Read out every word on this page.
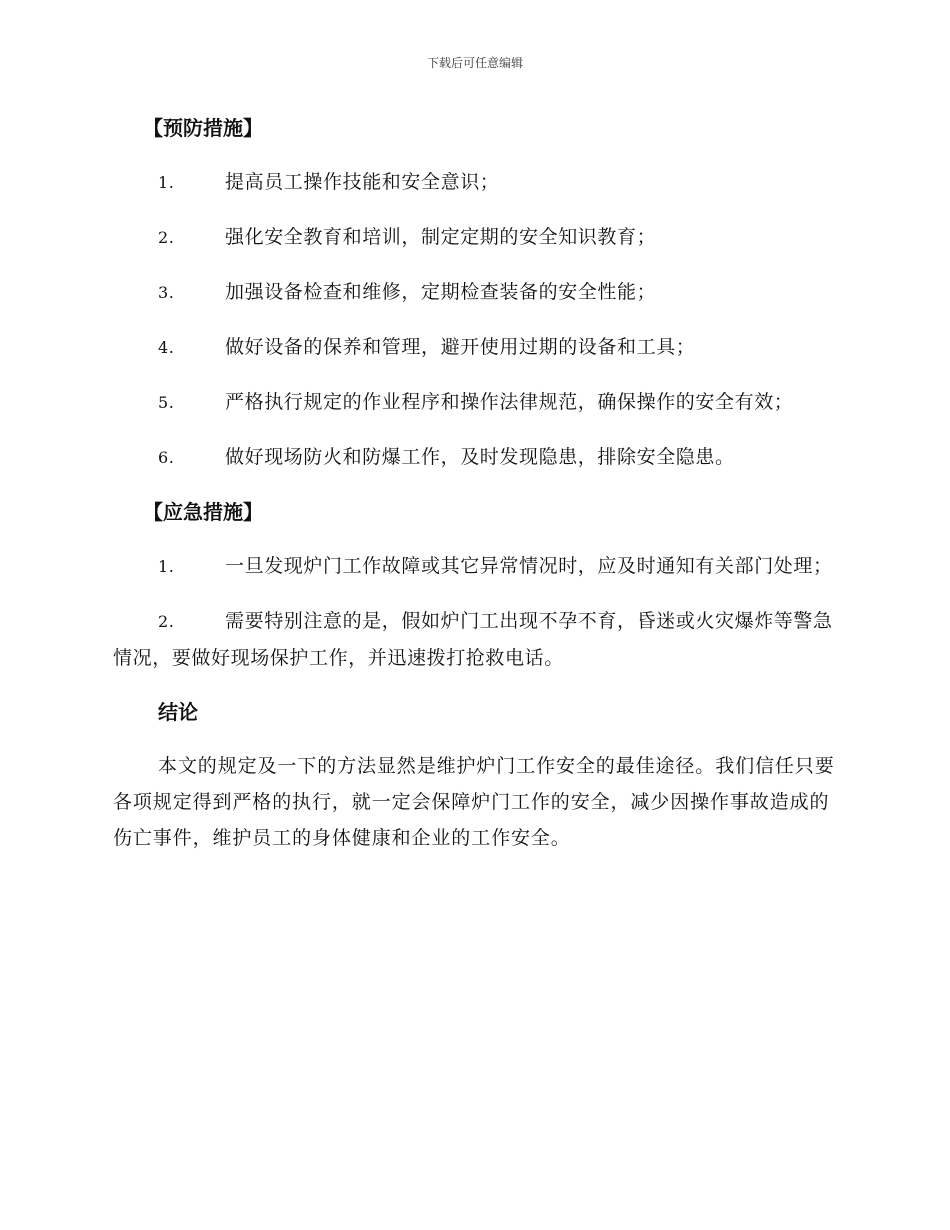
下载后可任意编辑
【预防措施】
1.	提高员工操作技能和安全意识；
2.	强化安全教育和培训，制定定期的安全知识教育；
3.	加强设备检查和维修，定期检查装备的安全性能；
4.	做好设备的保养和管理，避开使用过期的设备和工具；
5.	严格执行规定的作业程序和操作法律规范，确保操作的安全有效；
6.	做好现场防火和防爆工作，及时发现隐患，排除安全隐患。
【应急措施】
1.	一旦发现炉门工作故障或其它异常情况时，应及时通知有关部门处理；
2.	需要特别注意的是，假如炉门工出现不孕不育，昏迷或火灾爆炸等警急情况，要做好现场保护工作，并迅速拨打抢救电话。
结论
本文的规定及一下的方法显然是维护炉门工作安全的最佳途径。我们信任只要各项规定得到严格的执行，就一定会保障炉门工作的安全，减少因操作事故造成的伤亡事件，维护员工的身体健康和企业的工作安全。
